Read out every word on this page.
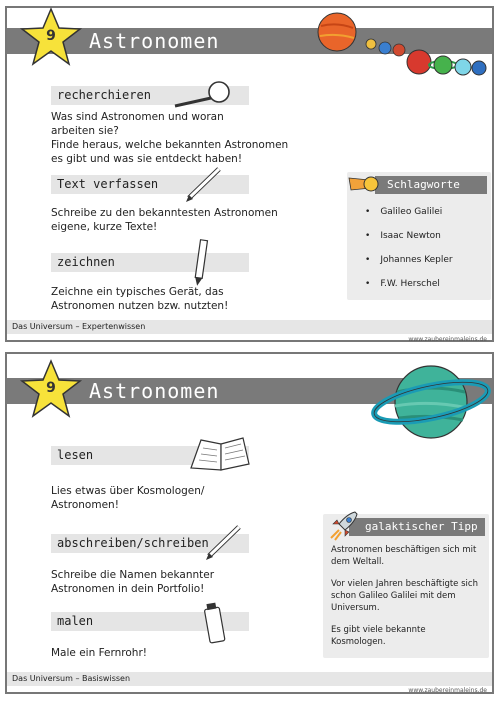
9	Astronomen
recherchieren
Was sind Astronomen und woran
arbeiten sie?
Finde heraus, welche bekannten Astronomen
es gibt und was sie entdeckt haben!
Text verfassen
Schreibe zu den bekanntesten Astronomen
eigene, kurze Texte!
zeichnen
Zeichne ein typisches Gerät, das
Astronomen nutzen bzw. nutzten!
Schlagworte
• Galileo Galilei
• Isaac Newton
• Johannes Kepler
• F.W. Herschel
Das Universum – Expertenwissen
www.zaubereinmaleins.de
9	Astronomen
lesen
Lies etwas über Kosmologen/
Astronomen!
abschreiben/schreiben
Schreibe die Namen bekannter
Astronomen in dein Portfolio!
malen
Male ein Fernrohr!
galaktischer Tipp
Astronomen beschäftigen sich mit
dem Weltall.
Vor vielen Jahren beschäftigte sich
schon Galileo Galilei mit dem
Universum.
Es gibt viele bekannte Kosmologen.
Das Universum – Basiswissen
www.zaubereinmaleins.de
